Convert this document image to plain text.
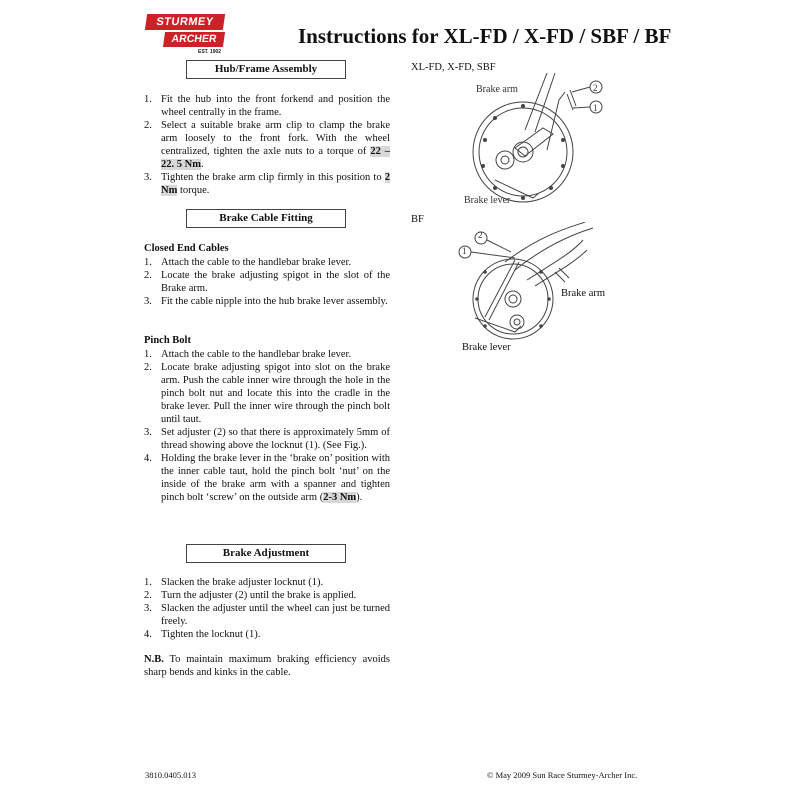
STURMEY
ARCHER
EST. 1902
Instructions for XL-FD / X-FD / SBF / BF
Hub/Frame Assembly
1. Fit the hub into the front forkend and position the wheel centrally in the frame.
2. Select a suitable brake arm clip to clamp the brake arm loosely to the front fork. With the wheel centralized, tighten the axle nuts to a torque of 22 – 22. 5 Nm.
3. Tighten the brake arm clip firmly in this position to 2 Nm torque.
Brake Cable Fitting
Closed End Cables
1. Attach the cable to the handlebar brake lever.
2. Locate the brake adjusting spigot in the slot of the Brake arm.
3. Fit the cable nipple into the hub brake lever assembly.
Pinch Bolt
1. Attach the cable to the handlebar brake lever.
2. Locate brake adjusting spigot into slot on the brake arm. Push the cable inner wire through the hole in the pinch bolt nut and locate this into the cradle in the brake lever. Pull the inner wire through the pinch bolt until taut.
3. Set adjuster (2) so that there is approximately 5mm of thread showing above the locknut (1). (See Fig.).
4. Holding the brake lever in the ‘brake on’ position with the inner cable taut, hold the pinch bolt ‘nut’ on the inside of the brake arm with a spanner and tighten pinch bolt ‘screw’ on the outside arm (2-3 Nm).
Brake Adjustment
1. Slacken the brake adjuster locknut (1).
2. Turn the adjuster (2) until the brake is applied.
3. Slacken the adjuster until the wheel can just be turned freely.
4. Tighten the locknut (1).
N.B. To maintain maximum braking efficiency avoids sharp bends and kinks in the cable.
XL-FD, X-FD, SBF
Brake arm	2
1
Brake lever
BF
2
1
Brake arm
Brake lever
3810.0405.013	© May 2009 Sun Race Sturmey-Archer Inc.
